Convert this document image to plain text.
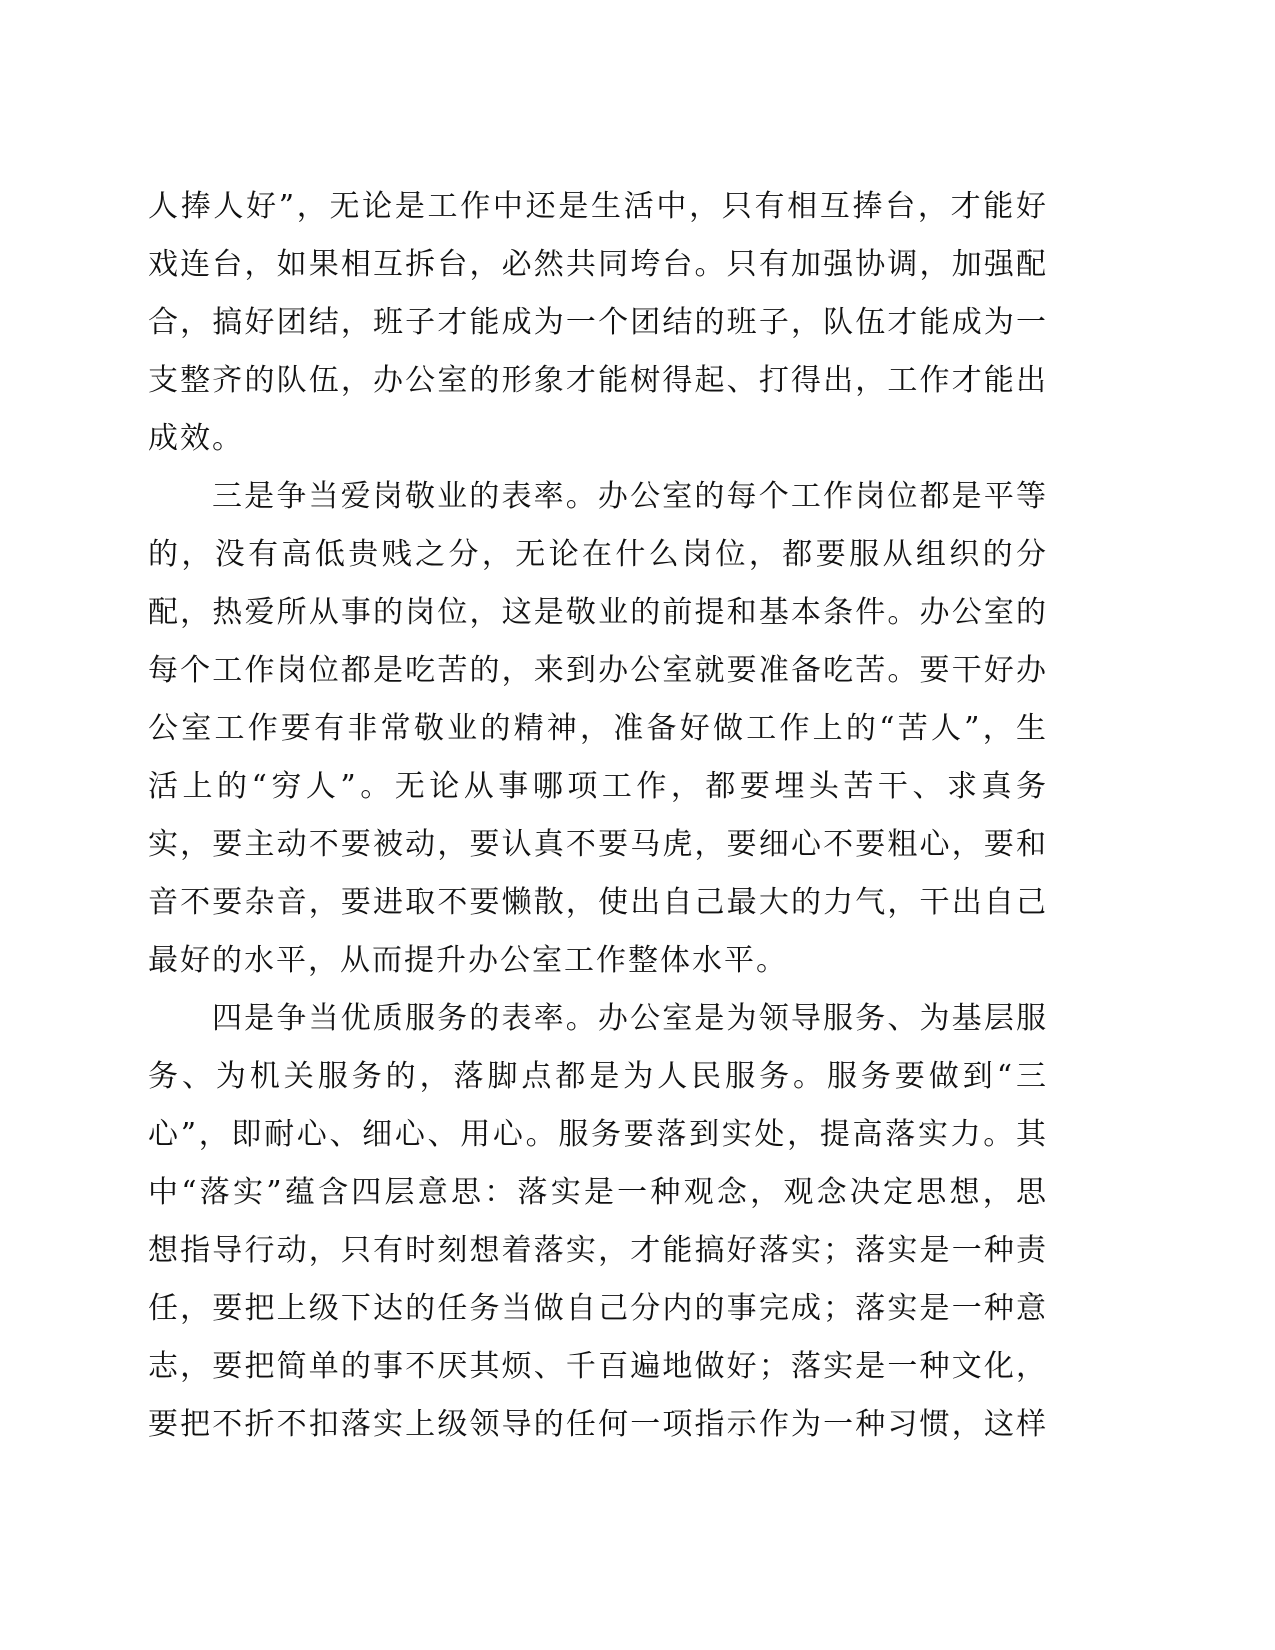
人捧人好”，无论是工作中还是生活中，只有相互捧台，才能好
戏连台，如果相互拆台，必然共同垮台。只有加强协调，加强配
合，搞好团结，班子才能成为一个团结的班子，队伍才能成为一
支整齐的队伍，办公室的形象才能树得起、打得出，工作才能出
成效。
三是争当爱岗敬业的表率。办公室的每个工作岗位都是平等
的，没有高低贵贱之分，无论在什么岗位，都要服从组织的分
配，热爱所从事的岗位，这是敬业的前提和基本条件。办公室的
每个工作岗位都是吃苦的，来到办公室就要准备吃苦。要干好办
公室工作要有非常敬业的精神，准备好做工作上的“苦人”，生
活上的“穷人”。无论从事哪项工作，都要埋头苦干、求真务
实，要主动不要被动，要认真不要马虎，要细心不要粗心，要和
音不要杂音，要进取不要懒散，使出自己最大的力气，干出自己
最好的水平，从而提升办公室工作整体水平。
四是争当优质服务的表率。办公室是为领导服务、为基层服
务、为机关服务的，落脚点都是为人民服务。服务要做到“三
心”，即耐心、细心、用心。服务要落到实处，提高落实力。其
中“落实”蕴含四层意思：落实是一种观念，观念决定思想，思
想指导行动，只有时刻想着落实，才能搞好落实；落实是一种责
任，要把上级下达的任务当做自己分内的事完成；落实是一种意
志，要把简单的事不厌其烦、千百遍地做好；落实是一种文化，
要把不折不扣落实上级领导的任何一项指示作为一种习惯，这样
